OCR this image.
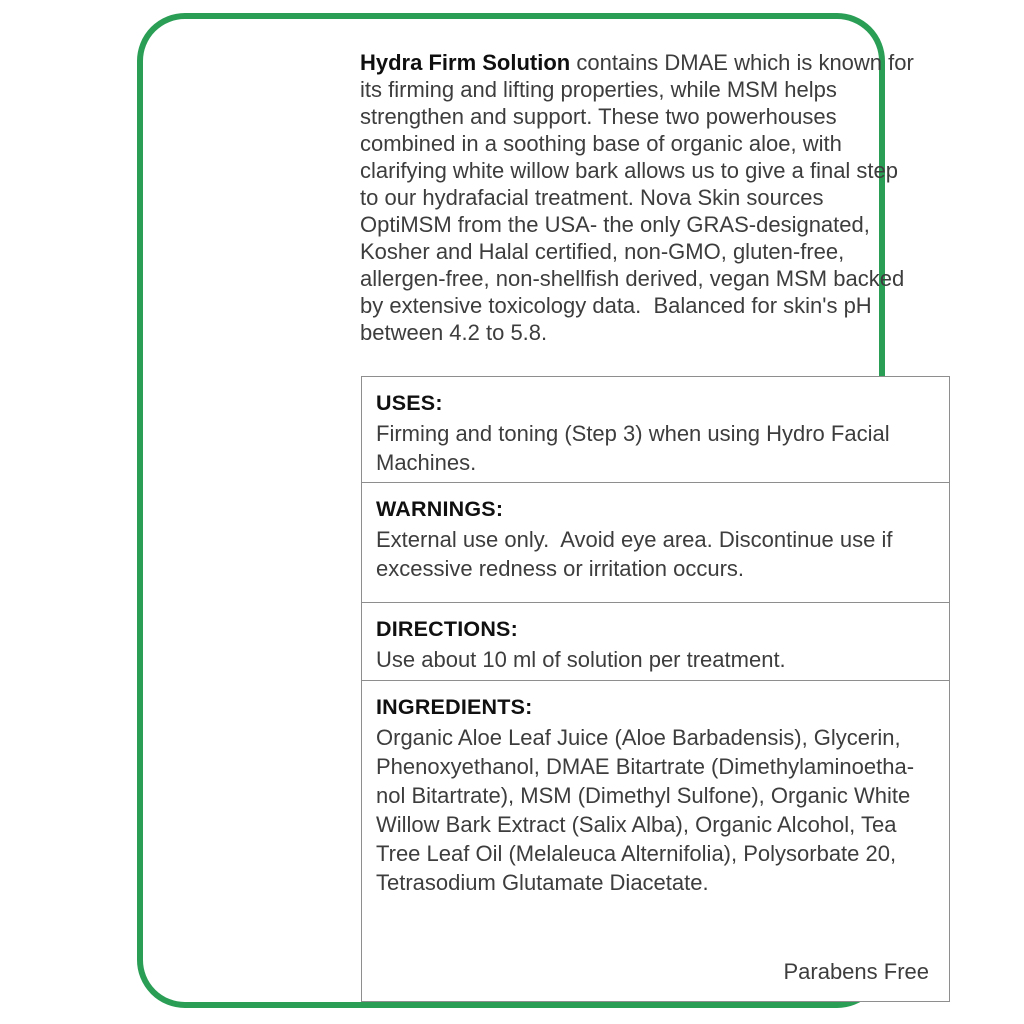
Hydra Firm Solution contains DMAE which is known for
its firming and lifting properties, while MSM helps
strengthen and support. These two powerhouses
combined in a soothing base of organic aloe, with
clarifying white willow bark allows us to give a final step
to our hydrafacial treatment. Nova Skin sources
OptiMSM from the USA- the only GRAS-designated,
Kosher and Halal certified, non-GMO, gluten-free,
allergen-free, non-shellfish derived, vegan MSM backed
by extensive toxicology data.  Balanced for skin's pH
between 4.2 to 5.8.
USES:
Firming and toning (Step 3) when using Hydro Facial
Machines.
WARNINGS:
External use only.  Avoid eye area. Discontinue use if
excessive redness or irritation occurs.
DIRECTIONS:
Use about 10 ml of solution per treatment.
INGREDIENTS:
Organic Aloe Leaf Juice (Aloe Barbadensis), Glycerin,
Phenoxyethanol, DMAE Bitartrate (Dimethylaminoetha-
nol Bitartrate), MSM (Dimethyl Sulfone), Organic White
Willow Bark Extract (Salix Alba), Organic Alcohol, Tea
Tree Leaf Oil (Melaleuca Alternifolia), Polysorbate 20,
Tetrasodium Glutamate Diacetate.
Parabens Free
